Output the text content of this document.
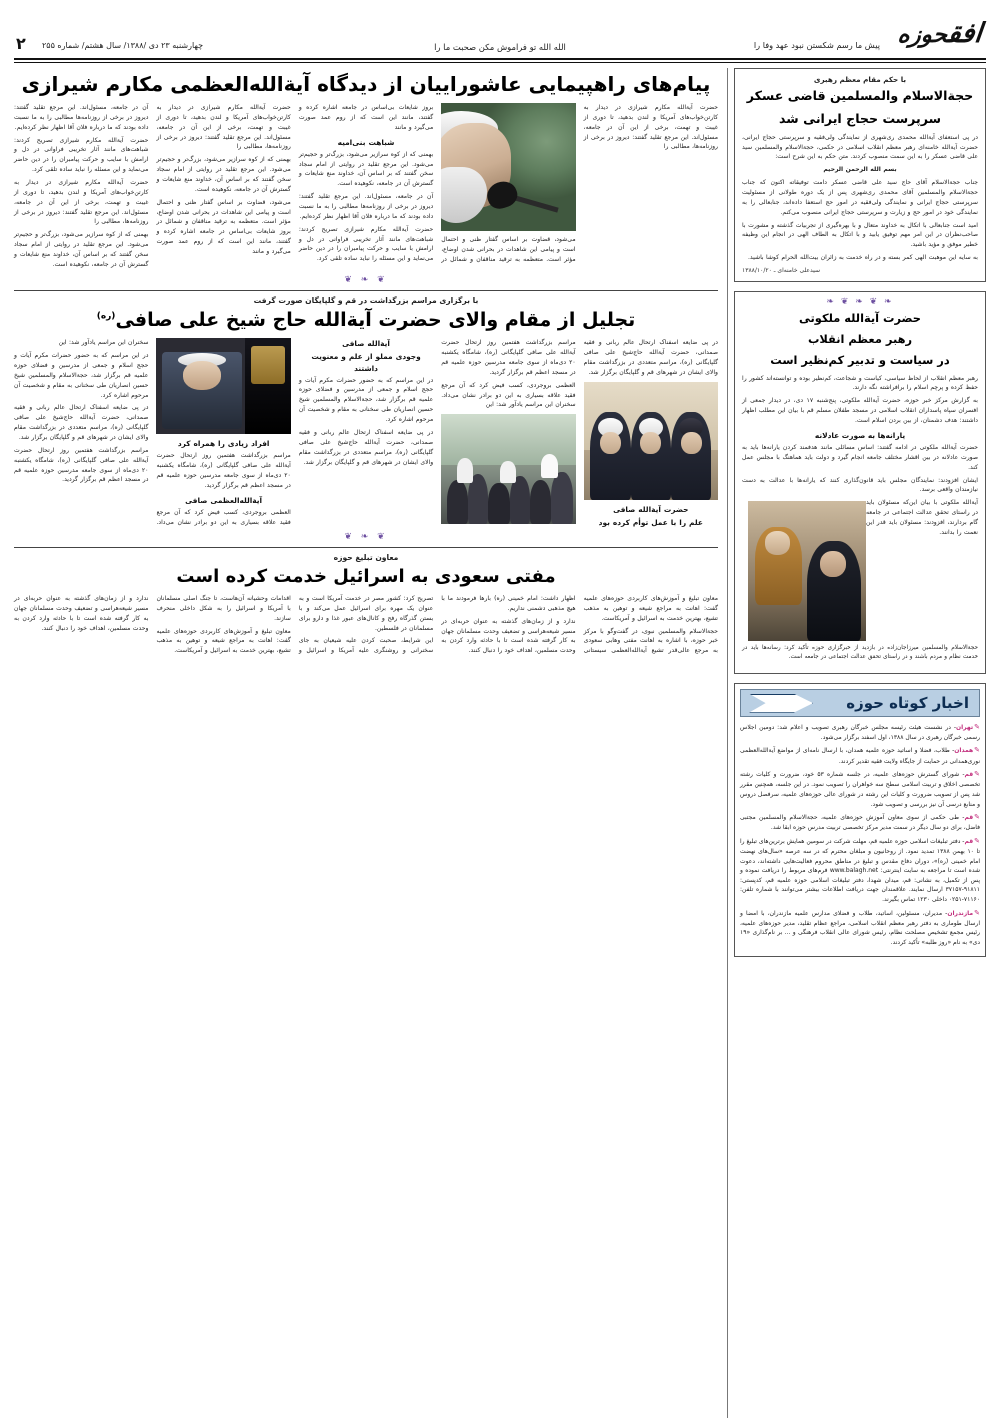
افقحوزه
پیش ما رسم شکستن نبود عهد وفا را
الله الله تو فراموش مکن صحبت ما را
چهارشنبه ۲۳ دی /۱۳۸۸/ سال هشتم/ شماره ۲۵۵
۲
با حکم مقام معظم رهبری
حجةالاسلام والمسلمین قاضی عسکر
سرپرست حجاج ایرانی شد

در پی استعفای آیةالله محمدی ری‌شهری از نمایندگی ولی‌فقیه و سرپرستی حجاج ایرانی، حضرت آیةالله خامنه‌ای رهبر معظم انقلاب اسلامی در حکمی، حجةالاسلام والمسلمین سید علی قاضی عسکر را به این سمت منصوب کردند. متن حکم به این شرح است:

بسم الله الرحمن الرحیم

جناب حجةالاسلام آقای حاج سید علی قاضی عسکر دامت توفیقاته اکنون که جناب حجةالاسلام والمسلمین آقای محمدی ری‌شهری پس از یک دوره طولانی از مسئولیت سرپرستی حجاج ایرانی و نمایندگی ولی‌فقیه در امور حج استعفا داده‌اند، جنابعالی را به نمایندگی خود در امور حج و زیارت و سرپرستی حجاج ایرانی منصوب می‌کنم.

امید است جنابعالی با اتکال به خداوند متعال و با بهره‌گیری از تجربیات گذشته و مشورت با صاحب‌نظران در این امر مهم توفیق یابید و با اتکال به الطاف الهی در انجام این وظیفه خطیر موفق و مؤید باشید.

به سایه این موهبت الهی کمر بسته و در راه خدمت به زائران بیت‌الله الحرام کوشا باشید.

سیدعلی خامنه‌ای ـ ۱۳۸۸/۱۰/۲۰
❧ ❦ ❧ ❦ ❧
حضرت آیةالله ملکوتی
رهبر معظم انقلاب
در سیاست و تدبیر کم‌نظیر است

رهبر معظم انقلاب از لحاظ سیاسی، کیاست و شجاعت، کم‌نظیر بوده و توانسته‌اند کشور را حفظ کرده و پرچم اسلام را برافراشته نگه دارند.

به گزارش مرکز خبر حوزه، حضرت آیةالله ملکوتی، پنج‌شنبه ۱۷ دی، در دیدار جمعی از افسران سپاه پاسداران انقلاب اسلامی در مسجد طفلان مسلم قم با بیان این مطلب اظهار داشتند: هدف دشمنان، از بین بردن اسلام است.

یارانه‌ها به صورت عادلانه

حضرت آیةالله ملکوتی در ادامه گفتند: اساس مسائلی مانند هدفمند کردن یارانه‌ها باید به صورت عادلانه در بین اقشار مختلف جامعه انجام گیرد و دولت باید هماهنگ با مجلس عمل کند.

ایشان افزودند: نمایندگان مجلس باید قانون‌گذاری کنند که یارانه‌ها با عدالت به دست نیازمندان واقعی برسد.

آیةالله ملکوتی با بیان این‌که مسئولان باید در راستای تحقق عدالت اجتماعی در جامعه گام بردارند، افزودند: مسئولان باید قدر این نعمت را بدانند.

حجةالاسلام والمسلمین میرزاجان‌زاده در بازدید از خبرگزاری حوزه تأکید کرد: رسانه‌ها باید در خدمت نظام و مردم باشند و در راستای تحقق عدالت اجتماعی در جامعه است.

اخبار کوتاه حوزه
✎تهران- در نشست هیئت رئیسه مجلس خبرگان رهبری تصویب و اعلام شد: دومین اجلاس رسمی خبرگان رهبری در سال ۱۳۸۸، اول اسفند برگزار می‌شود.
✎همدان- طلاب، فضلا و اساتید حوزه علمیه همدان، با ارسال نامه‌ای از مواضع آیةالله‌العظمی نوری‌همدانی در حمایت از جایگاه ولایت فقیه تقدیر کردند.
✎قم- شورای گسترش حوزه‌های علمیه، در جلسه شماره ۵۳ خود، ضرورت و کلیات رشته تخصصی اخلاق و تربیت اسلامی سطح سه خواهران را تصویب نمود. در این جلسه، همچنین مقرر شد پس از تصویب ضرورت و کلیات این رشته در شورای عالی حوزه‌های علمیه، سرفصل دروس و منابع درسی آن نیز بررسی و تصویب شود.
✎قم- طی حکمی از سوی معاون آموزش حوزه‌های علمیه، حجةالاسلام والمسلمین مجتبی فاضل، برای دو سال دیگر در سمت مدیر مرکز تخصصی تربیت مدرس حوزه ابقا شد.
✎قم- دفتر تبلیغات اسلامی حوزه علمیه قم، مهلت شرکت در سومین همایش برترین‌های تبلیغ را تا ۱۰ بهمن ۱۳۸۸ تمدید نمود. از روحانیون و مبلغان محترم که در سه عرصه «سال‌های نهضت امام خمینی (ره)»، دوران دفاع مقدس و تبلیغ در مناطق محروم فعالیت‌هایی داشته‌اند، دعوت شده است تا مراجعه به سایت اینترنتی: www.balagh.net فرم‌های مربوط را دریافت نموده و پس از تکمیل، به نشانی: قم، میدان شهدا، دفتر تبلیغات اسلامی حوزه علمیه قم، کدپستی: ۹۱۸۱۱-۳۷۱۵۷ ارسال نمایند. علاقمندان جهت دریافت اطلاعات بیشتر می‌توانند با شماره تلفن: ۷۱۱۶۰-۰۲۵۱ داخلی ۱۲۳۰ تماس بگیرند.
✎مازندران- مدیران، مسئولین، اساتید، طلاب و فضلای مدارس علمیه مازندران، با امضا و ارسال طوماری به دفتر رهبر معظم انقلاب اسلامی، مراجع عظام تقلید، مدیر حوزه‌های علمیه، رئیس مجمع تشخیص مصلحت نظام، رئیس شورای عالی انقلاب فرهنگی و ... بر نام‌گذاری «۱۹ دی» به نام «روز طلبه» تأکید کردند.
پیام‌های راهپیمایی عاشوراییان از دیدگاه آیةالله‌العظمی مکارم شیرازی

حضرت آیةالله مکارم شیرازی در دیدار به کارتن‌خواب‌های آمریکا و لندن بدهید، تا دوری از غیبت و تهمت، برخی از این آن در جامعه، مسئول‌اند. این مرجع تقلید گفتند: دیروز در برخی از روزنامه‌ها، مطالبی را

می‌شود، قضاوت بر اساس گفتار ظنی و احتمال است و پیامی این شاهدات در بحرانی شدن اوضاع، مؤثر است. متعظمه به ترقید مناقفان و شمائل در بروز شایعات بی‌اساس در جامعه اشاره کرده و گفتند، مانند این است که از روم عمد صورت می‌گیرد و مانند

شباهت بنی‌امیه

بهمنی که از کوه سرازیر می‌شود، بزرگ‌تر و حجیم‌تر می‌شود. این مرجع تقلید در روایتی از امام سجاد سخن گفتند که بر اساس آن، خداوند منع شایعات و گسترش آن در جامعه، نکوهیده است.

آن در جامعه، مسئول‌اند. این مرجع تقلید گفتند: دیروز در برخی از روزنامه‌ها مطالبی را به ما نسبت داده بودند که ما درباره فلان آقا اظهار نظر کرده‌ایم.

حضرت آیةالله مکارم شیرازی تصریح کردند: شباهت‌های مانند آثار تخریبی فراوانی در دل و ارامش با سایب و حرکت پیامبران را در دین حاضر می‌نماید و این مسئله را نباید ساده تلقی کرد.

حضرت آیةالله مکارم شیرازی در دیدار به کارتن‌خواب‌های آمریکا و لندن بدهید، تا دوری از غیبت و تهمت، برخی از این آن در جامعه، مسئول‌اند. این مرجع تقلید گفتند: دیروز در برخی از روزنامه‌ها، مطالبی را

بهمنی که از کوه سرازیر می‌شود، بزرگ‌تر و حجیم‌تر می‌شود. این مرجع تقلید در روایتی از امام سجاد سخن گفتند که بر اساس آن، خداوند منع شایعات و گسترش آن در جامعه، نکوهیده است.

می‌شود، قضاوت بر اساس گفتار ظنی و احتمال است و پیامی این شاهدات در بحرانی شدن اوضاع، مؤثر است. متعظمه به ترقید مناقفان و شمائل در بروز شایعات بی‌اساس در جامعه اشاره کرده و گفتند، مانند این است که از روم عمد صورت می‌گیرد و مانند

آن در جامعه، مسئول‌اند. این مرجع تقلید گفتند: دیروز در برخی از روزنامه‌ها مطالبی را به ما نسبت داده بودند که ما درباره فلان آقا اظهار نظر کرده‌ایم.

حضرت آیةالله مکارم شیرازی تصریح کردند: شباهت‌های مانند آثار تخریبی فراوانی در دل و ارامش با سایب و حرکت پیامبران را در دین حاضر می‌نماید و این مسئله را نباید ساده تلقی کرد.

حضرت آیةالله مکارم شیرازی در دیدار به کارتن‌خواب‌های آمریکا و لندن بدهید، تا دوری از غیبت و تهمت، برخی از این آن در جامعه، مسئول‌اند. این مرجع تقلید گفتند: دیروز در برخی از روزنامه‌ها، مطالبی را

بهمنی که از کوه سرازیر می‌شود، بزرگ‌تر و حجیم‌تر می‌شود. این مرجع تقلید در روایتی از امام سجاد سخن گفتند که بر اساس آن، خداوند منع شایعات و گسترش آن در جامعه، نکوهیده است.

❦ ❧ ❦
با برگزاری مراسم بزرگداشت در قم و گلپایگان صورت گرفت
تجلیل از مقام والای حضرت آیةالله حاج شیخ علی صافی$^{(ره)}$

در پی ضایعه اسفناک ارتحال عالم ربانی و فقیه صمدانی، حضرت آیةالله حاج‌شیخ علی صافی گلپایگانی (ره)، مراسم متعددی در بزرگداشت مقام والای ایشان در شهرهای قم و گلپایگان برگزار شد.

حضرت آیةالله صافی
علم را با عمل توأم کرده بود

مراسم بزرگداشت هفتمین روز ارتحال حضرت آیةالله علی صافی گلپایگانی (ره)، شامگاه یکشنبه ۲۰ دی‌ماه از سوی جامعه مدرسین حوزه علمیه قم در مسجد اعظم قم برگزار گردید.

العظمی بروجردی، کسب فیض کرد که آن مرجع فقید علاقه بسیاری به این دو برادر نشان می‌داد. سخنران این مراسم یادآور شد: این

آیةالله صافی
وجودی مملو از علم و معنویت داشتند

در این مراسم که به حضور حضرات مکرم آیات و حجج اسلام و جمعی از مدرسین و فضلای حوزه علمیه قم برگزار شد، حجةالاسلام والمسلمین شیخ حسین انصاریان طی سخنانی به مقام و شخصیت آن مرحوم اشاره کرد.

در پی ضایعه اسفناک ارتحال عالم ربانی و فقیه صمدانی، حضرت آیةالله حاج‌شیخ علی صافی گلپایگانی (ره)، مراسم متعددی در بزرگداشت مقام والای ایشان در شهرهای قم و گلپایگان برگزار شد.

افراد زیادی را همراه کرد

مراسم بزرگداشت هفتمین روز ارتحال حضرت آیةالله علی صافی گلپایگانی (ره)، شامگاه یکشنبه ۲۰ دی‌ماه از سوی جامعه مدرسین حوزه علمیه قم در مسجد اعظم قم برگزار گردید.

آیةالله‌العظمی صافی

العظمی بروجردی، کسب فیض کرد که آن مرجع فقید علاقه بسیاری به این دو برادر نشان می‌داد. سخنران این مراسم یادآور شد: این

در این مراسم که به حضور حضرات مکرم آیات و حجج اسلام و جمعی از مدرسین و فضلای حوزه علمیه قم برگزار شد، حجةالاسلام والمسلمین شیخ حسین انصاریان طی سخنانی به مقام و شخصیت آن مرحوم اشاره کرد.

در پی ضایعه اسفناک ارتحال عالم ربانی و فقیه صمدانی، حضرت آیةالله حاج‌شیخ علی صافی گلپایگانی (ره)، مراسم متعددی در بزرگداشت مقام والای ایشان در شهرهای قم و گلپایگان برگزار شد.

مراسم بزرگداشت هفتمین روز ارتحال حضرت آیةالله علی صافی گلپایگانی (ره)، شامگاه یکشنبه ۲۰ دی‌ماه از سوی جامعه مدرسین حوزه علمیه قم در مسجد اعظم قم برگزار گردید.

❦ ❧ ❦
معاون تبلیغ حوزه
مفتی سعودی به اسرائیل خدمت کرده است

معاون تبلیغ و آموزش‌های کاربردی حوزه‌های علمیه گفت: اهانت به مراجع شیعه و توهین به مذهب تشیع، بهترین خدمت به اسرائیل و آمریکاست.

حجةالاسلام والمسلمین نبوی، در گفت‌وگو با مرکز خبر حوزه، با اشاره به اهانت مفتی وهابی سعودی به مرجع عالی‌قدر تشیع آیةالله‌العظمی سیستانی اظهار داشت: امام خمینی (ره) بارها فرمودند ما با هیچ مذهبی دشمنی نداریم.

ندارد و از زمان‌های گذشته به عنوان حربه‌ای در مسیر شیعه‌هراسی و تضعیف وحدت مسلمانان جهان به کار گرفته شده است تا با حادثه وارد کردن به وحدت مسلمین، اهداف خود را دنبال کنند.

تصریح کرد: کشور مصر در خدمت آمریکا است و به عنوان یک مهره برای اسرائیل عمل می‌کند و با بستن گذرگاه رفح و کانال‌های عبور غذا و دارو برای مسلمانان در فلسطین.

این شرایط، صحبت کردن علیه شیعیان به جای سخنرانی و روشنگری علیه آمریکا و اسرائیل و اقدامات وحشیانه آن‌هاست، تا جنگ اصلی مسلمانان با آمریکا و اسرائیل را به شکل داخلی منحرف سازند.

معاون تبلیغ و آموزش‌های کاربردی حوزه‌های علمیه گفت: اهانت به مراجع شیعه و توهین به مذهب تشیع، بهترین خدمت به اسرائیل و آمریکاست.

ندارد و از زمان‌های گذشته به عنوان حربه‌ای در مسیر شیعه‌هراسی و تضعیف وحدت مسلمانان جهان به کار گرفته شده است تا با حادثه وارد کردن به وحدت مسلمین، اهداف خود را دنبال کنند.
